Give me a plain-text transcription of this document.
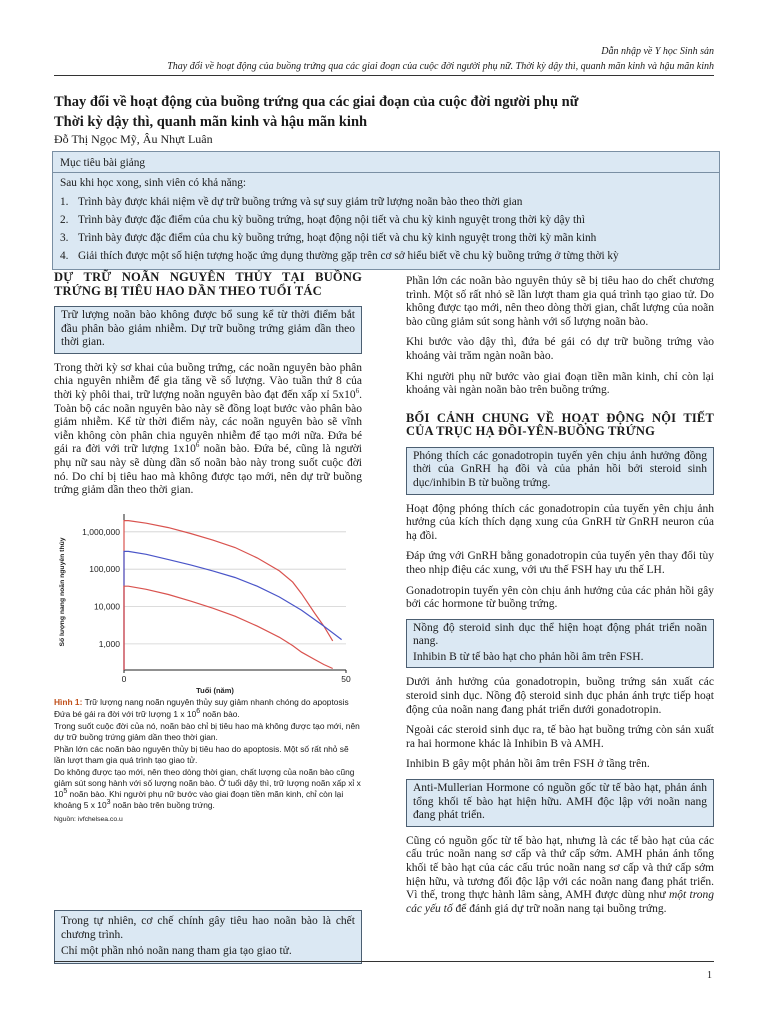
Dẫn nhập về Y học Sinh sản
Thay đổi về hoạt động của buồng trứng qua các giai đoạn của cuộc đời người phụ nữ. Thời kỳ dậy thì, quanh mãn kinh và hậu mãn kinh
Thay đổi về hoạt động của buồng trứng qua các giai đoạn của cuộc đời người phụ nữ
Thời kỳ dậy thì, quanh mãn kinh và hậu mãn kinh
Đỗ Thị Ngọc Mỹ, Âu Nhựt Luân
Mục tiêu bài giảng
Sau khi học xong, sinh viên có khả năng:
1. Trình bày được khái niệm về dự trữ buồng trứng và sự suy giảm trữ lượng noãn bào theo thời gian
2. Trình bày được đặc điểm của chu kỳ buồng trứng, hoạt động nội tiết và chu kỳ kinh nguyệt trong thời kỳ dậy thì
3. Trình bày được đặc điểm của chu kỳ buồng trứng, hoạt động nội tiết và chu kỳ kinh nguyệt trong thời kỳ mãn kinh
4. Giải thích được một số hiện tượng hoặc ứng dụng thường gặp trên cơ sở hiểu biết về chu kỳ buồng trứng ở từng thời kỳ
DỰ TRỮ NOÃN NGUYÊN THỦY TẠI BUỒNG TRỨNG BỊ TIÊU HAO DẦN THEO TUỔI TÁC
Trữ lượng noãn bào không được bổ sung kể từ thời điểm bắt đầu phân bào giảm nhiễm. Dự trữ buồng trứng giảm dần theo thời gian.
Trong thời kỳ sơ khai của buồng trứng, các noãn nguyên bào phân chia nguyên nhiễm để gia tăng về số lượng. Vào tuần thứ 8 của thời kỳ phôi thai, trữ lượng noãn nguyên bào đạt đến xấp xỉ $5x10^6$. Toàn bộ các noãn nguyên bào này sẽ đồng loạt bước vào phân bào giảm nhiễm. Kể từ thời điểm này, các noãn nguyên bào sẽ vĩnh viễn không còn phân chia nguyên nhiễm để tạo mới nữa. Đứa bé gái ra đời với trữ lượng $1x10^6$ noãn bào. Đứa bé, cũng là người phụ nữ sau này sẽ dùng dần số noãn bào này trong suốt cuộc đời nó. Do chỉ bị tiêu hao mà không được tạo mới, nên dự trữ buồng trứng giảm dần theo thời gian.
1,000,000
100,000
10,000
1,000
0	50
Tuổi (năm)
Số lượng nang noãn nguyên thủy

Hình 1: Trữ lượng nang noãn nguyên thủy suy giảm nhanh chóng do apoptosis

Đứa bé gái ra đời với trữ lượng 1 x $10^6$ noãn bào.

Trong suốt cuộc đời của nó, noãn bào chỉ bị tiêu hao mà không được tạo mới, nên dự trữ buồng trứng giảm dần theo thời gian.

Phần lớn các noãn bào nguyên thủy bị tiêu hao do apoptosis. Một số rất nhỏ sẽ lần lượt tham gia quá trình tạo giao tử.

Do không được tạo mới, nên theo dòng thời gian, chất lượng của noãn bào cũng giảm sút song hành với số lượng noãn bào. Ở tuổi dậy thì, trữ lượng noãn xấp xỉ x $10^5$ noãn bào. Khi người phụ nữ bước vào giai đoạn tiền mãn kinh, chỉ còn lại khoảng 5 x $10^3$ noãn bào trên buồng trứng.

Nguồn: ivfchelsea.co.u
Trong tự nhiên, cơ chế chính gây tiêu hao noãn bào là chết chương trình.
Chỉ một phần nhỏ noãn nang tham gia tạo giao tử.
Phần lớn các noãn bào nguyên thủy sẽ bị tiêu hao do chết chương trình. Một số rất nhỏ sẽ lần lượt tham gia quá trình tạo giao tử. Do không được tạo mới, nên theo dòng thời gian, chất lượng của noãn bào cũng giảm sút song hành với số lượng noãn bào.
Khi bước vào dậy thì, đứa bé gái có dự trữ buồng trứng vào khoảng vài trăm ngàn noãn bào.
Khi người phụ nữ bước vào giai đoạn tiền mãn kinh, chỉ còn lại khoảng vài ngàn noãn bào trên buồng trứng.
BỐI CẢNH CHUNG VỀ HOẠT ĐỘNG NỘI TIẾT CỦA TRỤC HẠ ĐỒI-YÊN-BUỒNG TRỨNG
Phóng thích các gonadotropin tuyến yên chịu ảnh hưởng đồng thời của GnRH hạ đồi và của phản hồi bởi steroid sinh dục/inhibin B từ buồng trứng.
Hoạt động phóng thích các gonadotropin của tuyến yên chịu ảnh hưởng của kích thích dạng xung của GnRH từ GnRH neuron của hạ đồi.
Đáp ứng với GnRH bằng gonadotropin của tuyến yên thay đổi tùy theo nhịp điệu các xung, với ưu thế FSH hay ưu thế LH.
Gonadotropin tuyến yên còn chịu ảnh hưởng của các phản hồi gây bởi các hormone từ buồng trứng.
Nồng độ steroid sinh dục thể hiện hoạt động phát triển noãn nang.
Inhibin B từ tế bào hạt cho phản hồi âm trên FSH.
Dưới ảnh hưởng của gonadotropin, buồng trứng sản xuất các steroid sinh dục. Nồng độ steroid sinh dục phản ánh trực tiếp hoạt động của noãn nang đang phát triển dưới gonadotropin.
Ngoài các steroid sinh dục ra, tế bào hạt buồng trứng còn sản xuất ra hai hormone khác là Inhibin B và AMH.
Inhibin B gây một phản hồi âm trên FSH ở tầng trên.
Anti-Mullerian Hormone có nguồn gốc từ tế bào hạt, phản ánh tổng khối tế bào hạt hiện hữu. AMH độc lập với noãn nang đang phát triển.
Cũng có nguồn gốc từ tế bào hạt, nhưng là các tế bào hạt của các cấu trúc noãn nang sơ cấp và thứ cấp sớm. AMH phản ánh tổng khối tế bào hạt của các cấu trúc noãn nang sơ cấp và thứ cấp sớm hiện hữu, và tương đối độc lập với các noãn nang đang phát triển. Vì thế, trong thực hành lâm sàng, AMH được dùng như một trong các yếu tố để đánh giá dự trữ noãn nang tại buồng trứng.
1
